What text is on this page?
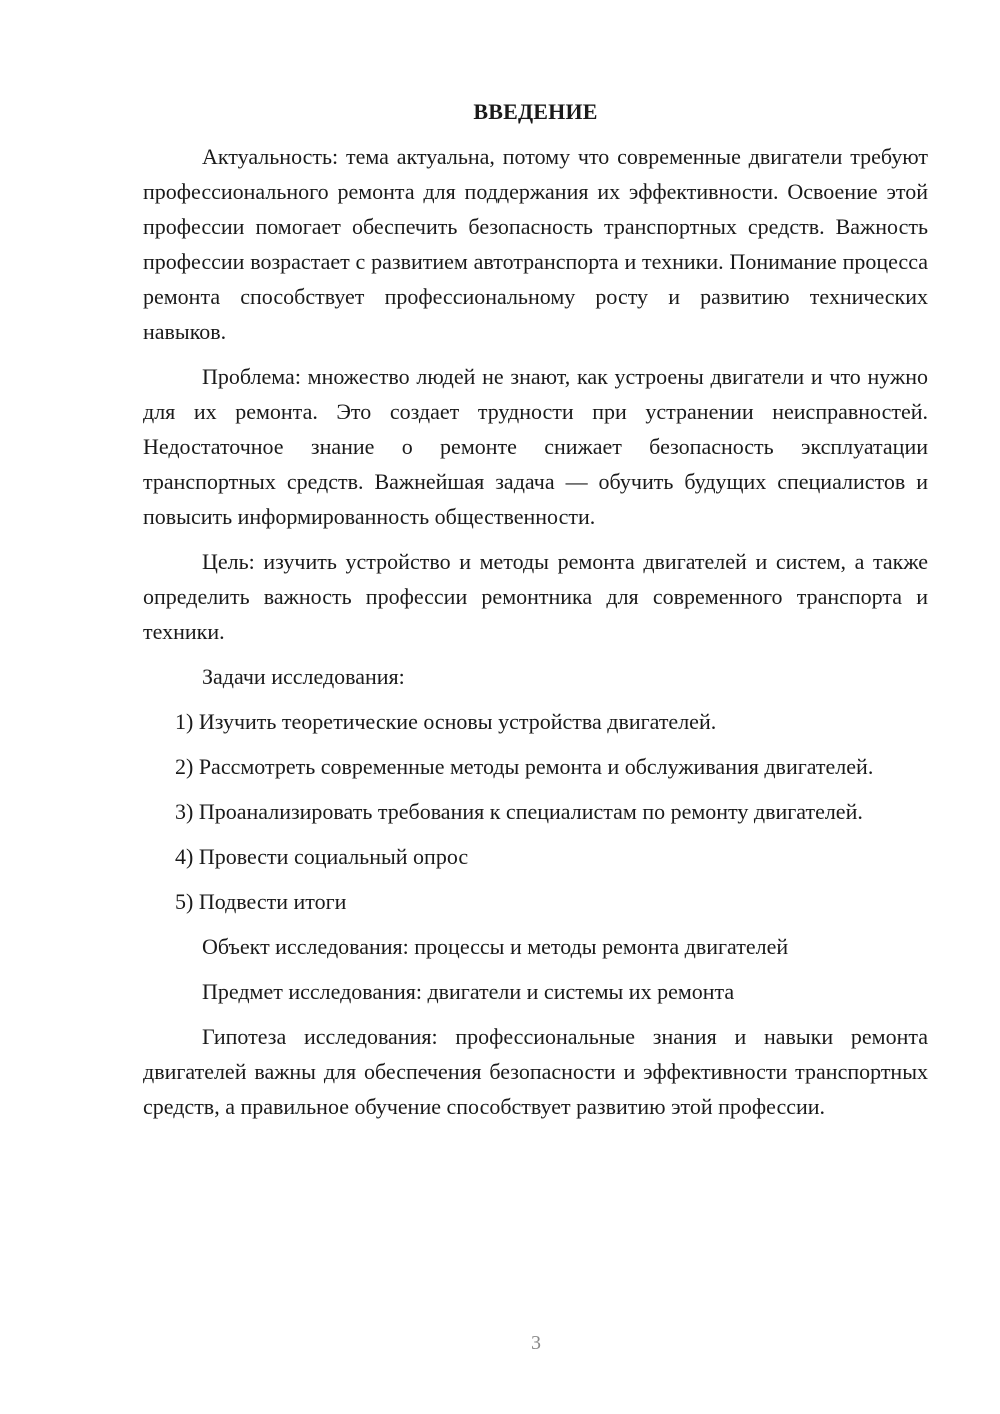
ВВЕДЕНИЕ

Актуальность: тема актуальна, потому что современные двигатели требуют профессионального ремонта для поддержания их эффективности. Освоение этой профессии помогает обеспечить безопасность транспортных средств. Важность профессии возрастает с развитием автотранспорта и техники. Понимание процесса ремонта способствует профессиональному росту и развитию технических навыков.

Проблема: множество людей не знают, как устроены двигатели и что нужно для их ремонта. Это создает трудности при устранении неисправностей. Недостаточное знание о ремонте снижает безопасность эксплуатации транспортных средств. Важнейшая задача — обучить будущих специалистов и повысить информированность общественности.

Цель: изучить устройство и методы ремонта двигателей и систем, а также определить важность профессии ремонтника для современного транспорта и техники.

Задачи исследования:

1) Изучить теоретические основы устройства двигателей.

2) Рассмотреть современные методы ремонта и обслуживания двигателей.

3) Проанализировать требования к специалистам по ремонту двигателей.

4) Провести социальный опрос

5) Подвести итоги

Объект исследования: процессы и методы ремонта двигателей

Предмет исследования: двигатели и системы их ремонта

Гипотеза исследования: профессиональные знания и навыки ремонта двигателей важны для обеспечения безопасности и эффективности транспортных средств, а правильное обучение способствует развитию этой профессии.

3
